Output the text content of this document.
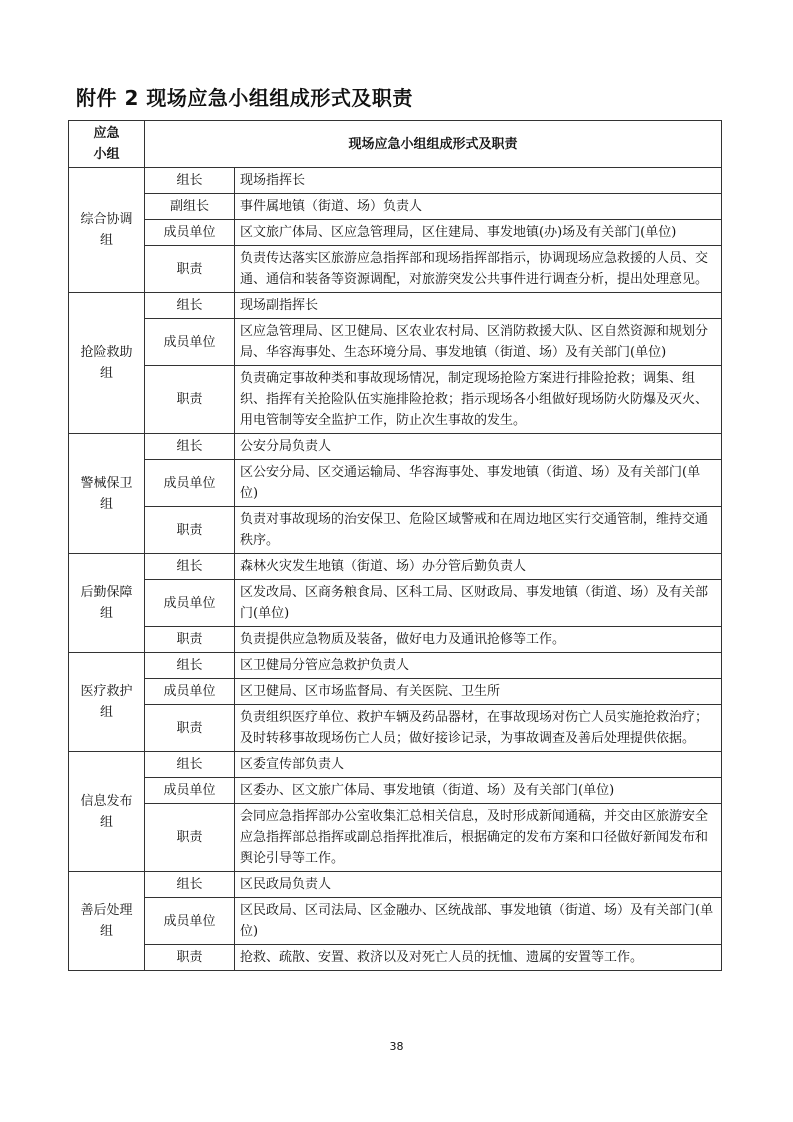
附件 2 现场应急小组组成形式及职责
应急
小组	现场应急小组组成形式及职责	
综合协调
组	组长	现场指挥长
	副组长	事件属地镇（街道、场）负责人
	成员单位	区文旅广体局、区应急管理局，区住建局、事发地镇(办)场及有关部门(单位)
	职责	负责传达落实区旅游应急指挥部和现场指挥部指示，协调现场应急救援的人员、交通、通信和装备等资源调配，对旅游突发公共事件进行调查分析，提出处理意见。
抢险救助
组	组长	现场副指挥长
	成员单位	区应急管理局、区卫健局、区农业农村局、区消防救援大队、区自然资源和规划分局、华容海事处、生态环境分局、事发地镇（街道、场）及有关部门(单位)
	职责	负责确定事故种类和事故现场情况，制定现场抢险方案进行排险抢救；调集、组织、指挥有关抢险队伍实施排险抢救；指示现场各小组做好现场防火防爆及灭火、用电管制等安全监护工作，防止次生事故的发生。
警械保卫
组	组长	公安分局负责人
	成员单位	区公安分局、区交通运输局、华容海事处、事发地镇（街道、场）及有关部门(单位)
	职责	负责对事故现场的治安保卫、危险区域警戒和在周边地区实行交通管制，维持交通秩序。
后勤保障
组	组长	森林火灾发生地镇（街道、场）办分管后勤负责人
	成员单位	区发改局、区商务粮食局、区科工局、区财政局、事发地镇（街道、场）及有关部门(单位)
	职责	负责提供应急物质及装备，做好电力及通讯抢修等工作。
医疗救护
组	组长	区卫健局分管应急救护负责人
	成员单位	区卫健局、区市场监督局、有关医院、卫生所
	职责	负责组织医疗单位、救护车辆及药品器材，在事故现场对伤亡人员实施抢救治疗；及时转移事故现场伤亡人员；做好接诊记录，为事故调查及善后处理提供依据。
信息发布
组	组长	区委宣传部负责人
	成员单位	区委办、区文旅广体局、事发地镇（街道、场）及有关部门(单位)
	职责	会同应急指挥部办公室收集汇总相关信息，及时形成新闻通稿，并交由区旅游安全应急指挥部总指挥或副总指挥批准后，根据确定的发布方案和口径做好新闻发布和舆论引导等工作。
善后处理
组	组长	区民政局负责人
	成员单位	区民政局、区司法局、区金融办、区统战部、事发地镇（街道、场）及有关部门(单位)
	职责	抢救、疏散、安置、救济以及对死亡人员的抚恤、遗属的安置等工作。
38
